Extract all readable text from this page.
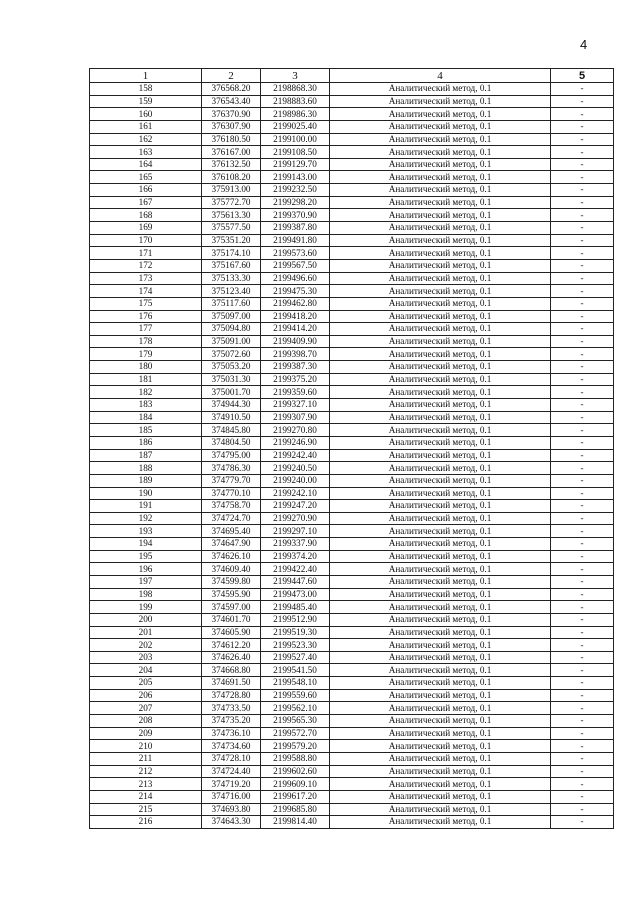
4
1	2	3	4	5
158	376568.20	2198868.30	Аналитический метод, 0.1	-
159	376543.40	2198883.60	Аналитический метод, 0.1	-
160	376370.90	2198986.30	Аналитический метод, 0.1	-
161	376307.90	2199025.40	Аналитический метод, 0.1	-
162	376180.50	2199100.00	Аналитический метод, 0.1	-
163	376167.00	2199108.50	Аналитический метод, 0.1	-
164	376132.50	2199129.70	Аналитический метод, 0.1	-
165	376108.20	2199143.00	Аналитический метод, 0.1	-
166	375913.00	2199232.50	Аналитический метод, 0.1	-
167	375772.70	2199298.20	Аналитический метод, 0.1	-
168	375613.30	2199370.90	Аналитический метод, 0.1	-
169	375577.50	2199387.80	Аналитический метод, 0.1	-
170	375351.20	2199491.80	Аналитический метод, 0.1	-
171	375174.10	2199573.60	Аналитический метод, 0.1	-
172	375167.60	2199567.50	Аналитический метод, 0.1	-
173	375133.30	2199496.60	Аналитический метод, 0.1	-
174	375123.40	2199475.30	Аналитический метод, 0.1	-
175	375117.60	2199462.80	Аналитический метод, 0.1	-
176	375097.00	2199418.20	Аналитический метод, 0.1	-
177	375094.80	2199414.20	Аналитический метод, 0.1	-
178	375091.00	2199409.90	Аналитический метод, 0.1	-
179	375072.60	2199398.70	Аналитический метод, 0.1	-
180	375053.20	2199387.30	Аналитический метод, 0.1	-
181	375031.30	2199375.20	Аналитический метод, 0.1	-
182	375001.70	2199359.60	Аналитический метод, 0.1	-
183	374944.30	2199327.10	Аналитический метод, 0.1	-
184	374910.50	2199307.90	Аналитический метод, 0.1	-
185	374845.80	2199270.80	Аналитический метод, 0.1	-
186	374804.50	2199246.90	Аналитический метод, 0.1	-
187	374795.00	2199242.40	Аналитический метод, 0.1	-
188	374786.30	2199240.50	Аналитический метод, 0.1	-
189	374779.70	2199240.00	Аналитический метод, 0.1	-
190	374770.10	2199242.10	Аналитический метод, 0.1	-
191	374758.70	2199247.20	Аналитический метод, 0.1	-
192	374724.70	2199270.90	Аналитический метод, 0.1	-
193	374695.40	2199297.10	Аналитический метод, 0.1	-
194	374647.90	2199337.90	Аналитический метод, 0.1	-
195	374626.10	2199374.20	Аналитический метод, 0.1	-
196	374609.40	2199422.40	Аналитический метод, 0.1	-
197	374599.80	2199447.60	Аналитический метод, 0.1	-
198	374595.90	2199473.00	Аналитический метод, 0.1	-
199	374597.00	2199485.40	Аналитический метод, 0.1	-
200	374601.70	2199512.90	Аналитический метод, 0.1	-
201	374605.90	2199519.30	Аналитический метод, 0.1	-
202	374612.20	2199523.30	Аналитический метод, 0.1	-
203	374626.40	2199527.40	Аналитический метод, 0.1	-
204	374668.80	2199541.50	Аналитический метод, 0.1	-
205	374691.50	2199548.10	Аналитический метод, 0.1	-
206	374728.80	2199559.60	Аналитический метод, 0.1	-
207	374733.50	2199562.10	Аналитический метод, 0.1	-
208	374735.20	2199565.30	Аналитический метод, 0.1	-
209	374736.10	2199572.70	Аналитический метод, 0.1	-
210	374734.60	2199579.20	Аналитический метод, 0.1	-
211	374728.10	2199588.80	Аналитический метод, 0.1	-
212	374724.40	2199602.60	Аналитический метод, 0.1	-
213	374719.20	2199609.10	Аналитический метод, 0.1	-
214	374716.00	2199617.20	Аналитический метод, 0.1	-
215	374693.80	2199685.80	Аналитический метод, 0.1	-
216	374643.30	2199814.40	Аналитический метод, 0.1	-
